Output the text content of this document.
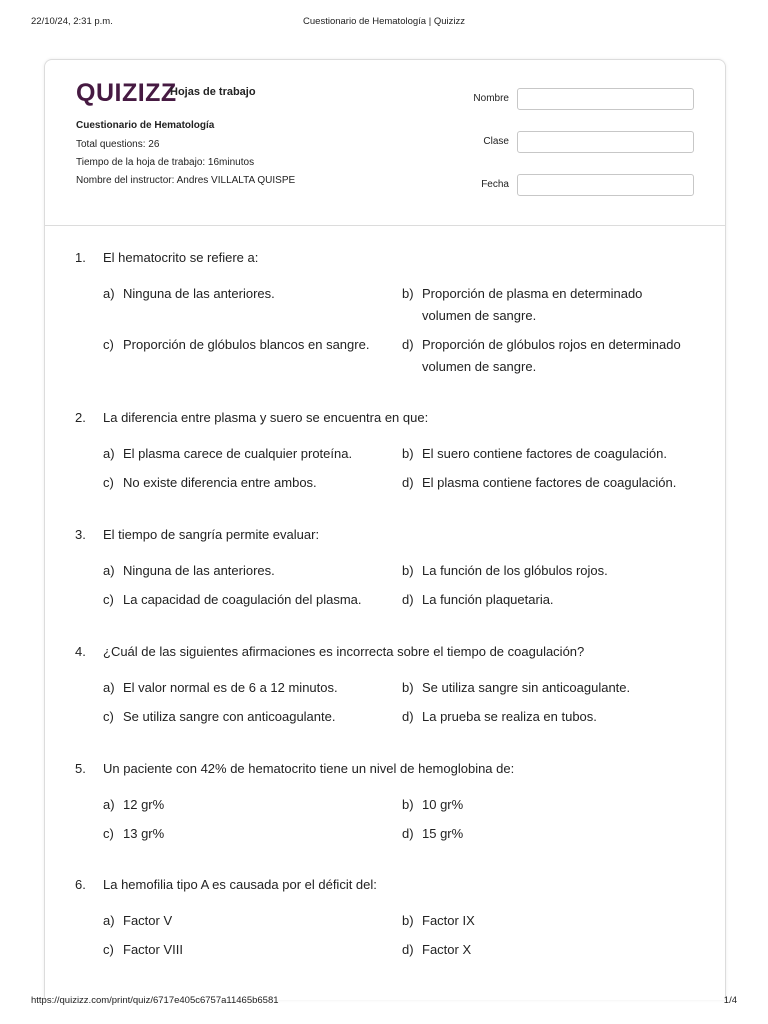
22/10/24, 2:31 p.m.	Cuestionario de Hematología | Quizizz
QUIZIZZ
Hojas de trabajo
Cuestionario de Hematología
Total questions: 26
Tiempo de la hoja de trabajo: 16minutos
Nombre del instructor: Andres VILLALTA QUISPE
Nombre
Clase
Fecha
1. El hematocrito se refiere a:
a) Ninguna de las anteriores.	b) Proporción de plasma en determinado volumen de sangre.
c) Proporción de glóbulos blancos en sangre.	d) Proporción de glóbulos rojos en determinado volumen de sangre.
2. La diferencia entre plasma y suero se encuentra en que:
a) El plasma carece de cualquier proteína.	b) El suero contiene factores de coagulación.
c) No existe diferencia entre ambos.	d) El plasma contiene factores de coagulación.
3. El tiempo de sangría permite evaluar:
a) Ninguna de las anteriores.	b) La función de los glóbulos rojos.
c) La capacidad de coagulación del plasma.	d) La función plaquetaria.
4. ¿Cuál de las siguientes afirmaciones es incorrecta sobre el tiempo de coagulación?
a) El valor normal es de 6 a 12 minutos.	b) Se utiliza sangre sin anticoagulante.
c) Se utiliza sangre con anticoagulante.	d) La prueba se realiza en tubos.
5. Un paciente con 42% de hematocrito tiene un nivel de hemoglobina de:
a) 12 gr%	b) 10 gr%
c) 13 gr%	d) 15 gr%
6. La hemofilia tipo A es causada por el déficit del:
a) Factor V	b) Factor IX
c) Factor VIII	d) Factor X
https://quizizz.com/print/quiz/6717e405c6757a11465b6581	1/4
